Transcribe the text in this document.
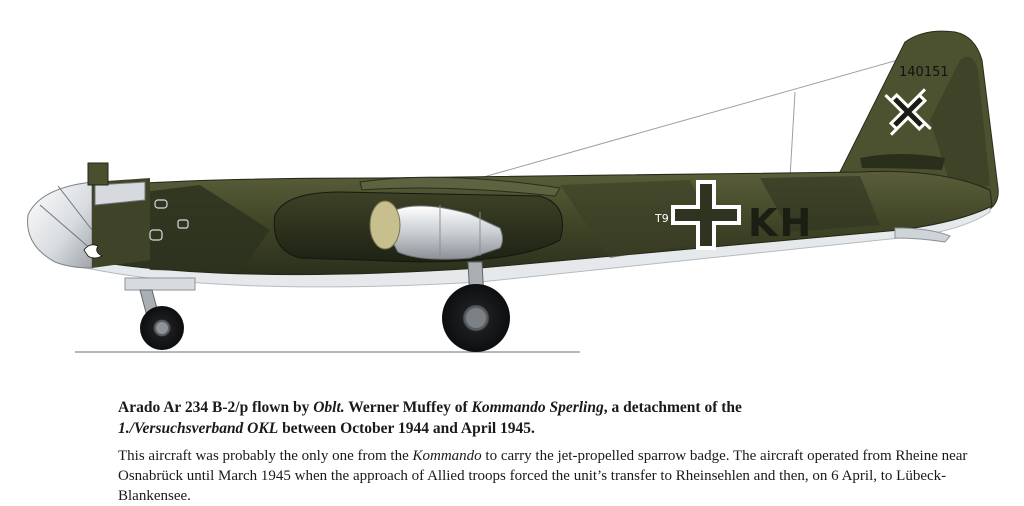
T9 KH
140151

Arado Ar 234 B-2/p flown by Oblt. Werner Muffey of Kommando Sperling, a detachment of the
1./Versuchsverband OKL between October 1944 and April 1945.

This aircraft was probably the only one from the Kommando to carry the jet-propelled sparrow badge. The aircraft operated from Rheine near Osnabrück until March 1945 when the approach of Allied troops forced the unit’s transfer to Rheinsehlen and then, on 6 April, to Lübeck-Blankensee.
